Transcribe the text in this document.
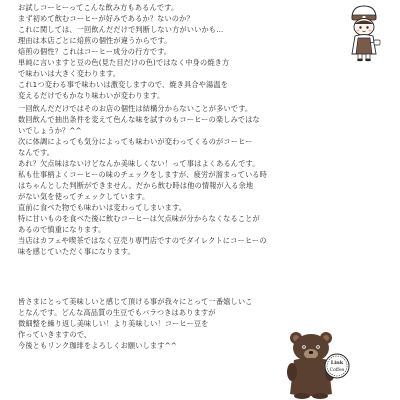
お試しコーヒーってこんな飲み方もあるんです。
まず初めて飲むコーヒーが好みであるか？ないのか？
これに関しては、一回飲んだだけで判断しない方がいいかも…
理由は本店ごとに焙煎の個性が違うからです。
焙煎の個性？これはコーヒー成分の行方です。
単純に言いますと豆の色(見た目だけの色)ではなく中身の焼き方
で味わいは大きく変わります。
これ1つ変わる事で味わいは激変しますので、焼き具合や湯温を
変えるだけでもかなり味わいが変わります。
一回飲んだだけではそのお店の個性は結構分からないことが多いです。
数回飲んで抽出条件を変えて色んな味を試すのもコーヒーの楽しみではな
いでしょうか？^^
次に体調によっても気分によっても味わいが変わってくるのがコーヒー
なんです。
あれ？欠点味はないけどなんか美味しくない！って事はよくあるんです。
私も仕事柄よくコーヒーの味のチェックをしますが、疲労が溜まっている時
はちゃんとした判断ができません。だから飲む時は他の情報が入る余地
がない気を使ってチェックしています。
直前に食べた物でも味わいは変わってしまいます。
特に甘いものを食べた後に飲むコーヒーは欠点味が分からなくなることが
あるので慎重になります。
当店はカフェや喫茶ではなく豆売り専門店ですのでダイレクトにコーヒーの
味を感じていただく事になります。
皆さまにとって美味しいと感じて頂ける事が我々にとって一番嬉しいこ
となんです。どんな高品質の生豆でもバラつきはありますが
微細整を繰り返し美味しい！より美味しい！コーヒー豆を
作っていきますので、
今後ともリンク珈琲をよろしくお願いします^^
Link
Coffee
